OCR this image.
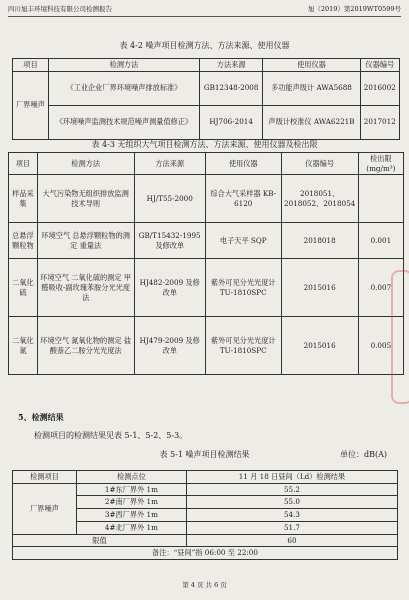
四川旭丰环境科技有限公司检测报告	旭（2019）第2019WT0599号
表 4-2 噪声项目检测方法、方法来源、使用仪器
项目	检测方法	方法来源	使用仪器	仪器编号
厂界噪声	《工业企业厂界环境噪声排放标准》	GB12348-2008	多功能声级计 AWA5688	2016002
	《环境噪声监测技术规范噪声测量值修正》	HJ706-2014	声级计校准仪 AWA6221B	2017012
表 4-3 无组织大气项目检测方法、方法来源、使用仪器及检出限
项目	检测方法	方法来源	使用仪器	仪器编号	检出限 (mg/m³)
样品采集	大气污染物无组织排放监测技术导则	HJ/T55-2000	综合大气采样器 KB-6120	2018051、2018052、2018054	
总悬浮颗粒物	环境空气 总悬浮颗粒物的测定 重量法	GB/T15432-1995 及修改单	电子天平 SQP	2018018	0.001
二氧化硫	环境空气 二氧化硫的测定 甲醛吸收-副玫瑰苯胺分光光度法	HJ482-2009 及修改单	紫外可见分光光度计 TU-1810SPC	2015016	0.007
二氧化氮	环境空气 氮氧化物的测定 盐酸萘乙二胺分光光度法	HJ479-2009 及修改单	紫外可见分光光度计 TU-1810SPC	2015016	0.005
5、检测结果
检测项目的检测结果见表 5-1、5-2、5-3。
表 5-1 噪声项目检测结果	单位：dB(A)
检测项目	检测点位	11 月 18 日昼间（Ld）检测结果
厂界噪声	1#东厂界外 1m	55.2
	2#南厂界外 1m	55.0
	3#西厂界外 1m	54.3
	4#北厂界外 1m	51.7
限值		60
备注：“昼间”指 06:00 至 22:00		
第 4 页 共 6 页
